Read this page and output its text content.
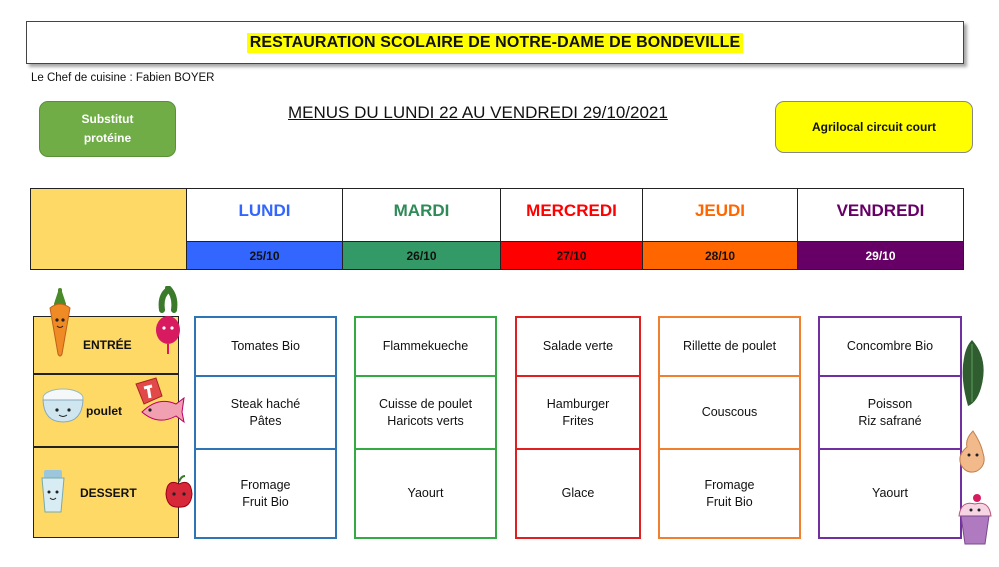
RESTAURATION SCOLAIRE DE NOTRE-DAME DE BONDEVILLE
Le Chef de cuisine : Fabien BOYER
Substitut
protéine
MENUS DU LUNDI 22 AU VENDREDI 29/10/2021
Agrilocal circuit court
LUNDI
25/10
MARDI
26/10
MERCREDI
27/10
JEUDI
28/10
VENDREDI
29/10
ENTRÉE
poulet
DESSERT
Tomates Bio
Steak haché
Pâtes
Fromage
Fruit Bio
Flammekueche
Cuisse de poulet
Haricots verts
Yaourt
Salade verte
Hamburger
Frites
Glace
Rillette de poulet
Couscous
Fromage
Fruit Bio
Concombre Bio
Poisson
Riz safrané
Yaourt
